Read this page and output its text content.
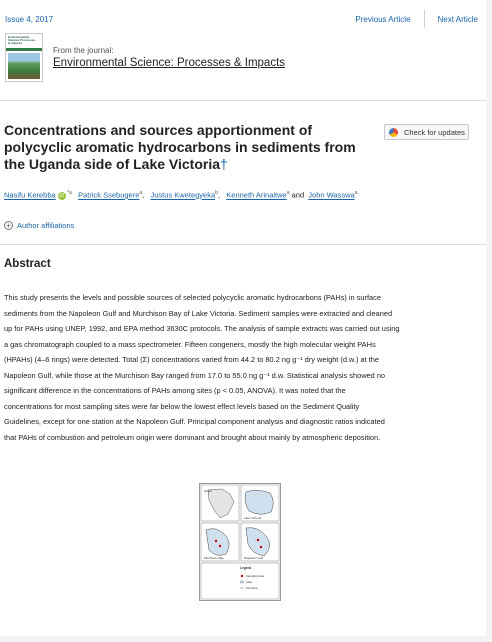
Issue 4, 2017	Previous Article	Next Article
Environmental Science Processes & Impacts
From the journal:
Environmental Science: Processes & Impacts
Concentrations and sources apportionment of polycyclic aromatic hydrocarbons in sediments from the Uganda side of Lake Victoria†
Check for updates
Nasifu Kerebba iD $^{*a}$ Patrick Ssebugere$^a$,   Justus Kwetegyeka$^b$,   Kenneth Arinaitwe$^a$ and  John Wasswa$^a$
+ Author affiliations
Abstract
This study presents the levels and possible sources of selected polycyclic aromatic hydrocarbons (PAHs) in surface
sediments from the Napoleon Gulf and Murchison Bay of Lake Victoria. Sediment samples were extracted and cleaned
up for PAHs using UNEP, 1992, and EPA method 3630C protocols. The analysis of sample extracts was carried out using
a gas chromatograph coupled to a mass spectrometer. Fifteen congeners, mostly the high molecular weight PAHs
(HPAHs) (4–6 rings) were detected. Total (Σ) concentrations varied from 44.2 to 80.2 ng g⁻¹ dry weight (d.w.) at the
Napoleon Gulf, while those at the Murchison Bay ranged from 17.0 to 55.0 ng g⁻¹ d.w. Statistical analysis showed no
significant difference in the concentrations of PAHs among sites (p < 0.05, ANOVA). It was noted that the
concentrations for most sampling sites were far below the lowest effect levels based on the Sediment Quality
Guidelines, except for one station at the Napoleon Gulf. Principal component analysis and diagnostic ratios indicated
that PAHs of combustion and petroleum origin were dominant and brought about mainly by atmospheric deposition.
Africa
Lake Victoria
Murchison Bay	Napoleon Gulf
Legend
Sampling sites
Lake
Shoreline
